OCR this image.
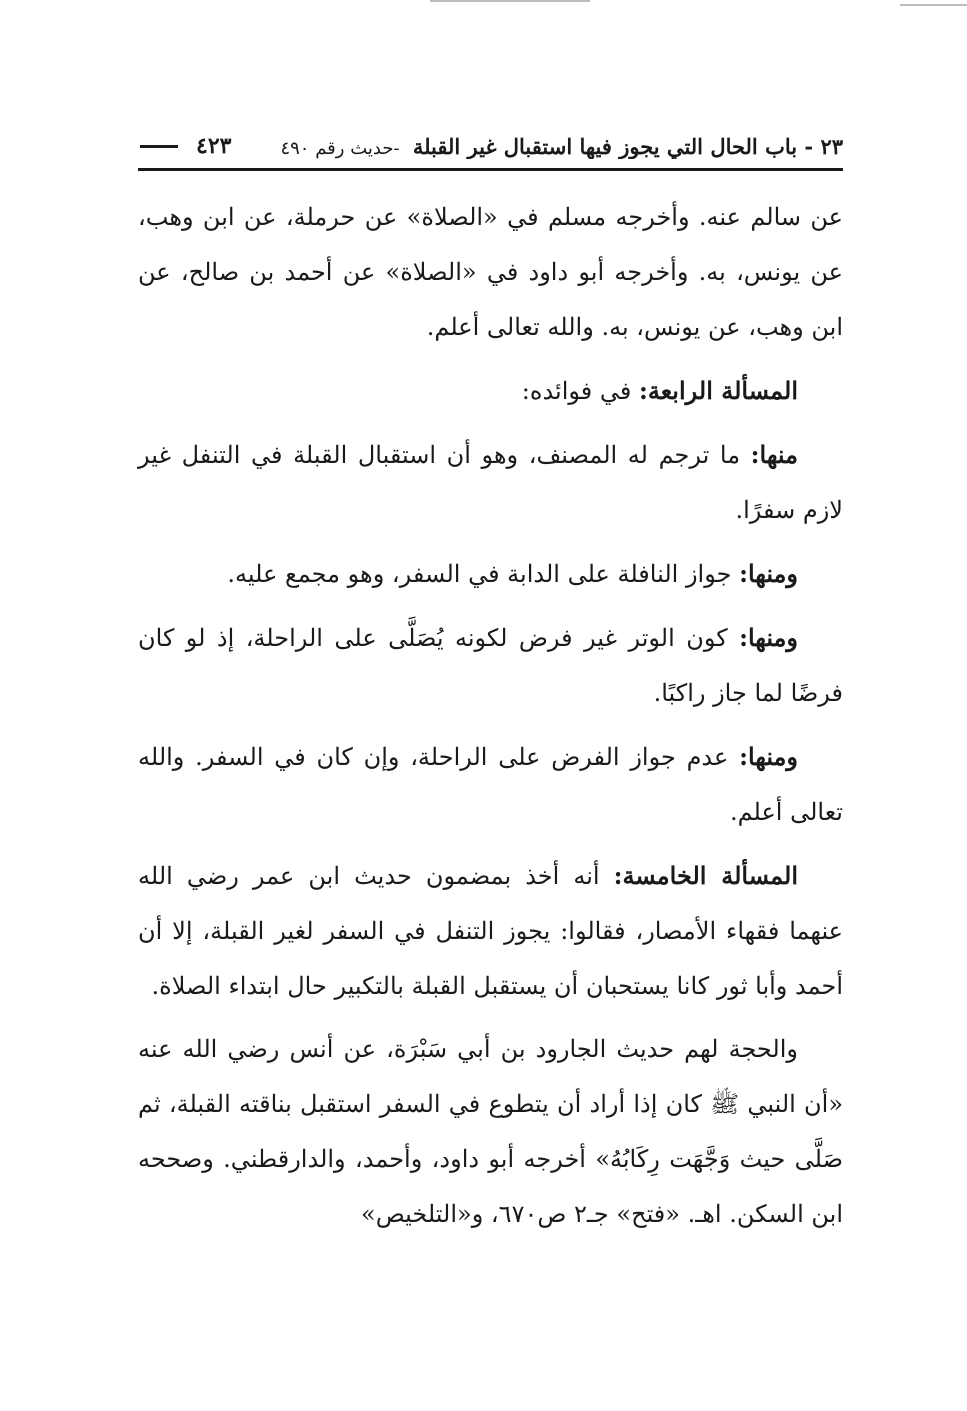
٢٣ - باب الحال التي يجوز فيها استقبال غير القبلة -حديث رقم ٤٩٠
٤٢٣

عن سالم عنه. وأخرجه مسلم في «الصلاة» عن حرملة، عن ابن وهب، عن يونس، به. وأخرجه أبو داود في «الصلاة» عن أحمد بن صالح، عن ابن وهب، عن يونس، به. والله تعالى أعلم.

المسألة الرابعة: في فوائده:

منها: ما ترجم له المصنف، وهو أن استقبال القبلة في التنفل غير لازم سفرًا.

ومنها: جواز النافلة على الدابة في السفر، وهو مجمع عليه.

ومنها: كون الوتر غير فرض لكونه يُصَلَّى على الراحلة، إذ لو كان فرضًا لما جاز راكبًا.

ومنها: عدم جواز الفرض على الراحلة، وإن كان في السفر. والله تعالى أعلم.

المسألة الخامسة: أنه أخذ بمضمون حديث ابن عمر رضي الله عنهما فقهاء الأمصار، فقالوا: يجوز التنفل في السفر لغير القبلة، إلا أن أحمد وأبا ثور كانا يستحبان أن يستقبل القبلة بالتكبير حال ابتداء الصلاة.

والحجة لهم حديث الجارود بن أبي سَبْرَة، عن أنس رضي الله عنه «أن النبي ﷺ كان إذا أراد أن يتطوع في السفر استقبل بناقته القبلة، ثم صَلَّى حيث وَجَّهَت رِكَابُهُ» أخرجه أبو داود، وأحمد، والدارقطني. وصححه ابن السكن. اهـ. «فتح» جـ٢ ص٦٧٠، و«التلخيص»
